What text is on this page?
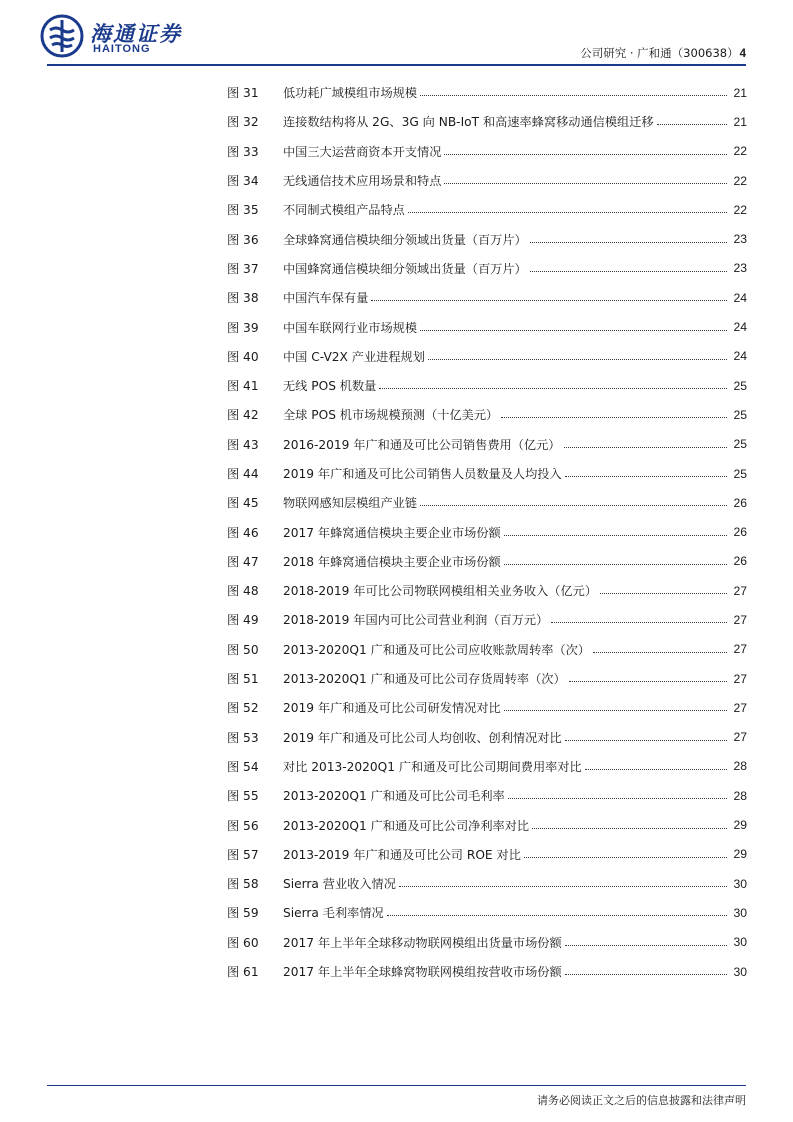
海通证券
HAITONG	公司研究 · 广和通（300638）4
图 31	低功耗广域模组市场规模	21
图 32	连接数结构将从 2G、3G 向 NB-IoT 和高速率蜂窝移动通信模组迁移	21
图 33	中国三大运营商资本开支情况	22
图 34	无线通信技术应用场景和特点	22
图 35	不同制式模组产品特点	22
图 36	全球蜂窝通信模块细分领域出货量（百万片）	23
图 37	中国蜂窝通信模块细分领域出货量（百万片）	23
图 38	中国汽车保有量	24
图 39	中国车联网行业市场规模	24
图 40	中国 C-V2X 产业进程规划	24
图 41	无线 POS 机数量	25
图 42	全球 POS 机市场规模预测（十亿美元）	25
图 43	2016-2019 年广和通及可比公司销售费用（亿元）	25
图 44	2019 年广和通及可比公司销售人员数量及人均投入	25
图 45	物联网感知层模组产业链	26
图 46	2017 年蜂窝通信模块主要企业市场份额	26
图 47	2018 年蜂窝通信模块主要企业市场份额	26
图 48	2018-2019 年可比公司物联网模组相关业务收入（亿元）	27
图 49	2018-2019 年国内可比公司营业利润（百万元）	27
图 50	2013-2020Q1 广和通及可比公司应收账款周转率（次）	27
图 51	2013-2020Q1 广和通及可比公司存货周转率（次）	27
图 52	2019 年广和通及可比公司研发情况对比	27
图 53	2019 年广和通及可比公司人均创收、创利情况对比	27
图 54	对比 2013-2020Q1 广和通及可比公司期间费用率对比	28
图 55	2013-2020Q1 广和通及可比公司毛利率	28
图 56	2013-2020Q1 广和通及可比公司净利率对比	29
图 57	2013-2019 年广和通及可比公司 ROE 对比	29
图 58	Sierra 营业收入情况	30
图 59	Sierra 毛利率情况	30
图 60	2017 年上半年全球移动物联网模组出货量市场份额	30
图 61	2017 年上半年全球蜂窝物联网模组按营收市场份额	30
请务必阅读正文之后的信息披露和法律声明
